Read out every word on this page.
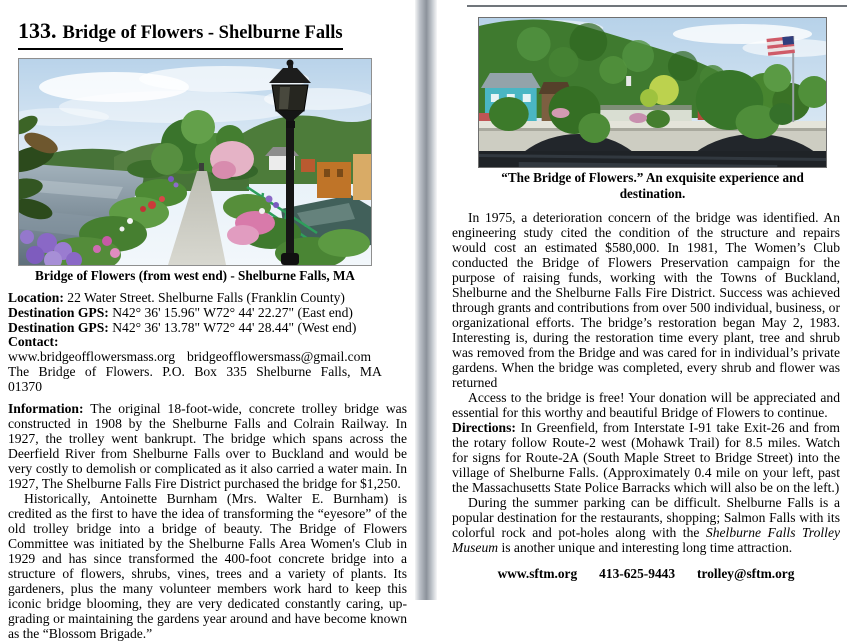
133. Bridge of Flowers - Shelburne Falls
Bridge of Flowers (from west end) - Shelburne Falls, MA
Location: 22 Water Street. Shelburne Falls (Franklin County)
Destination GPS: N42° 36' 15.96" W72° 44' 22.27" (East end)
Destination GPS: N42° 36' 13.78" W72° 44' 28.44" (West end)
Contact: www.bridgeofflowersmass.org bridgeofflowersmass@gmail.com
The Bridge of Flowers. P.O. Box 335 Shelburne Falls, MA 01370

Information: The original 18-foot-wide, concrete trolley bridge was constructed in 1908 by the Shelburne Falls and Colrain Railway. In 1927, the trolley went bankrupt. The bridge which spans across the Deerfield River from Shelburne Falls over to Buckland and would be very costly to demolish or complicated as it also carried a water main. In 1927, The Shelburne Falls Fire District purchased the bridge for $1,250.

Historically, Antoinette Burnham (Mrs. Walter E. Burnham) is credited as the first to have the idea of transforming the “eyesore” of the old trolley bridge into a bridge of beauty. The Bridge of Flowers Committee was initiated by the Shelburne Falls Area Women's Club in 1929 and has since transformed the 400-foot concrete bridge into a structure of flowers, shrubs, vines, trees and a variety of plants. Its gardeners, plus the many volunteer members work hard to keep this iconic bridge blooming, they are very dedicated constantly caring, up-grading or maintaining the gardens year around and have become known as the “Blossom Brigade.”

“The Bridge of Flowers.” An exquisite experience and destination.

In 1975, a deterioration concern of the bridge was identified. An engineering study cited the condition of the structure and repairs would cost an estimated $580,000. In 1981, The Women’s Club conducted the Bridge of Flowers Preservation campaign for the purpose of raising funds, working with the Towns of Buckland, Shelburne and the Shelburne Falls Fire District. Success was achieved through grants and contributions from over 500 individual, business, or organizational efforts. The bridge’s restoration began May 2, 1983. Interesting is, during the restoration time every plant, tree and shrub was removed from the Bridge and was cared for in individual’s private gardens. When the bridge was completed, every shrub and flower was returned

Access to the bridge is free! Your donation will be appreciated and essential for this worthy and beautiful Bridge of Flowers to continue.

Directions: In Greenfield, from Interstate I-91 take Exit-26 and from the rotary follow Route-2 west (Mohawk Trail) for 8.5 miles. Watch for signs for Route-2A (South Maple Street to Bridge Street) into the village of Shelburne Falls. (Approximately 0.4 mile on your left, past the Massachusetts State Police Barracks which will also be on the left.)

During the summer parking can be difficult. Shelburne Falls is a popular destination for the restaurants, shopping; Salmon Falls with its colorful rock and pot-holes along with the Shelburne Falls Trolley Museum is another unique and interesting long time attraction.

www.sftm.org 413-625-9443 trolley@sftm.org
